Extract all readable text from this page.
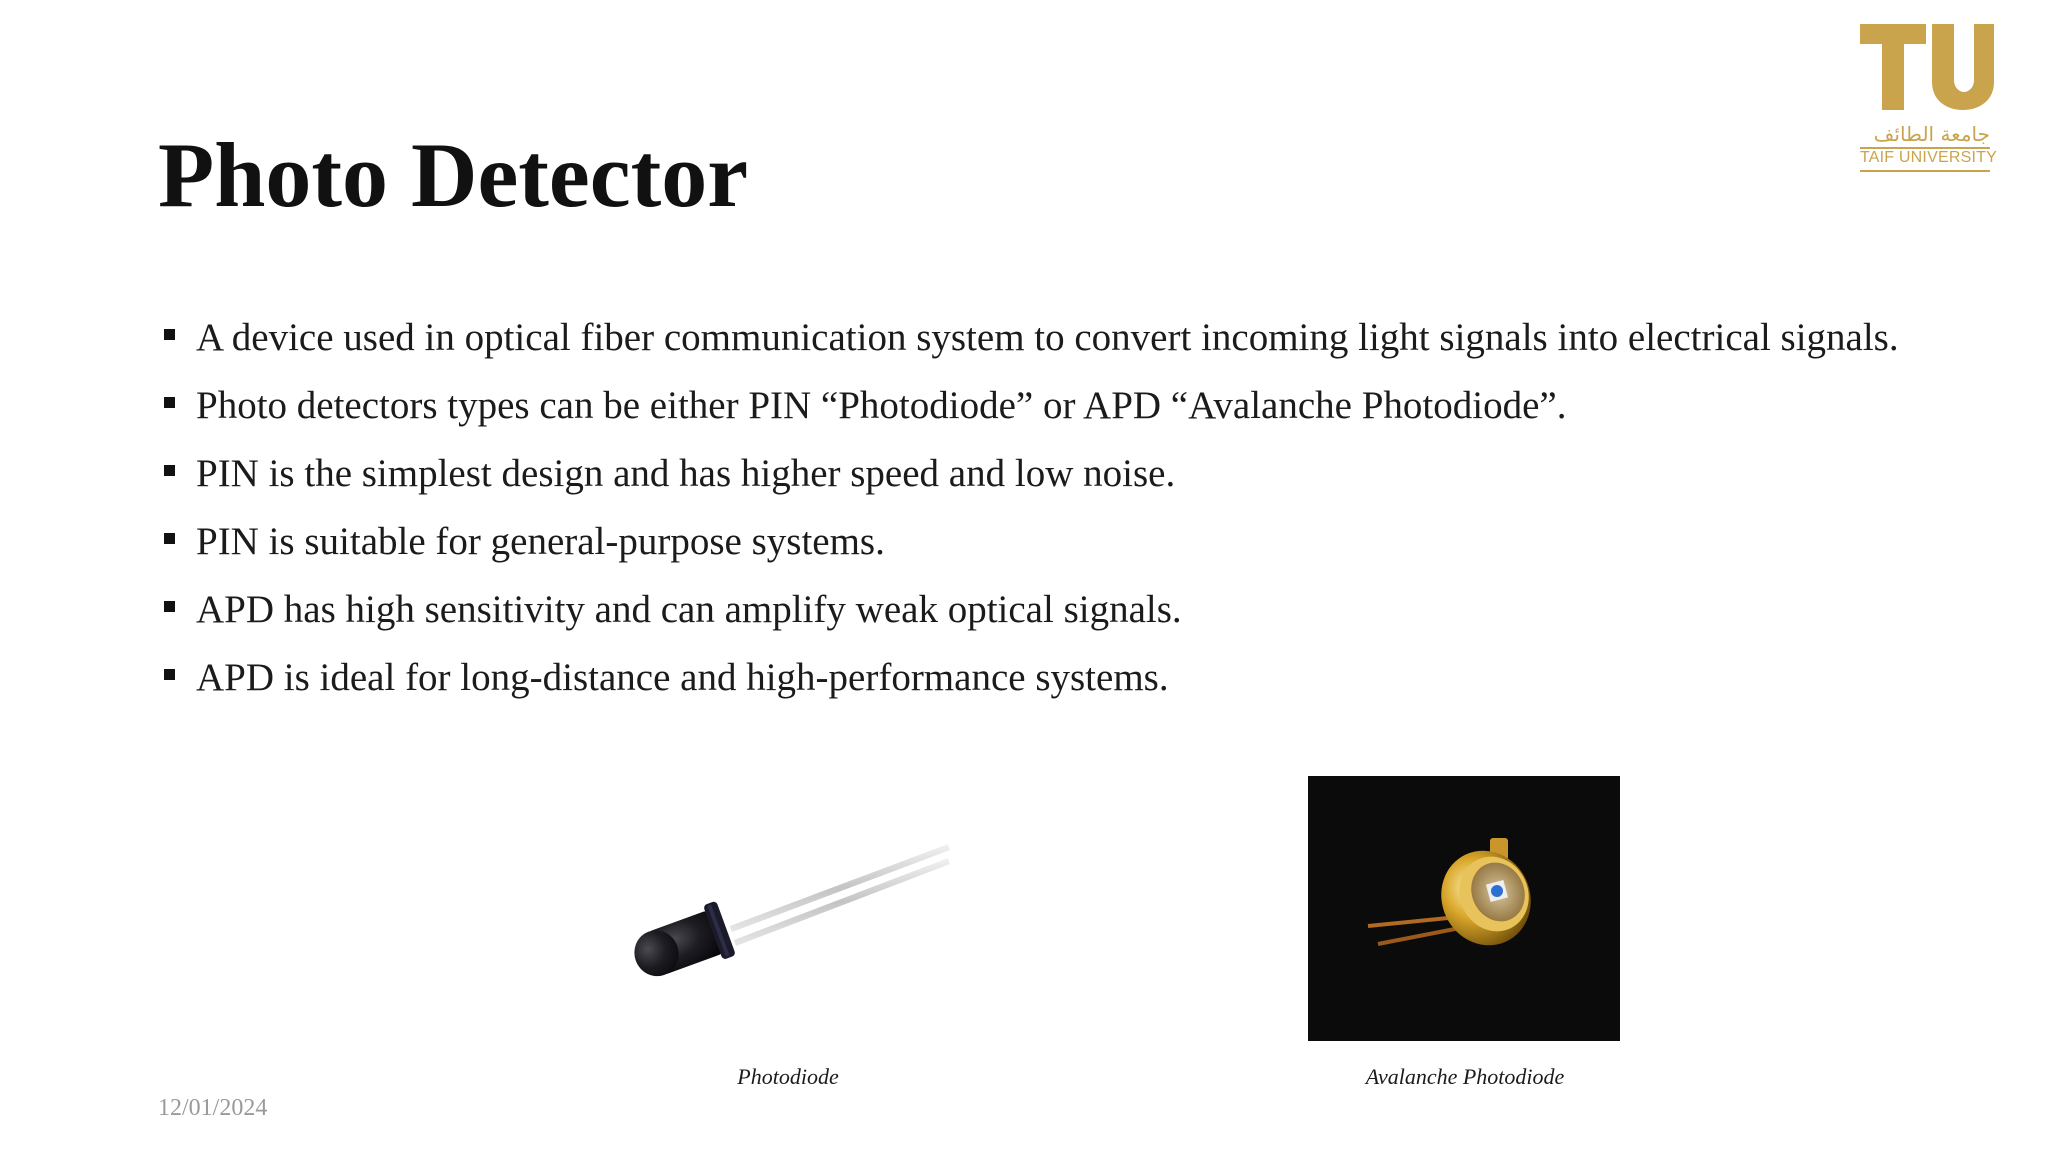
Photo Detector	جامعة الطائف
TAIF UNIVERSITY
A device used in optical fiber communication system to convert incoming light signals into electrical signals.
Photo detectors types can be either PIN “Photodiode” or APD “Avalanche Photodiode”.
PIN is the simplest design and has higher speed and low noise.
PIN is suitable for general-purpose systems.
APD has high sensitivity and can amplify weak optical signals.
APD is ideal for long-distance and high-performance systems.
Photodiode	Avalanche Photodiode
12/01/2024
